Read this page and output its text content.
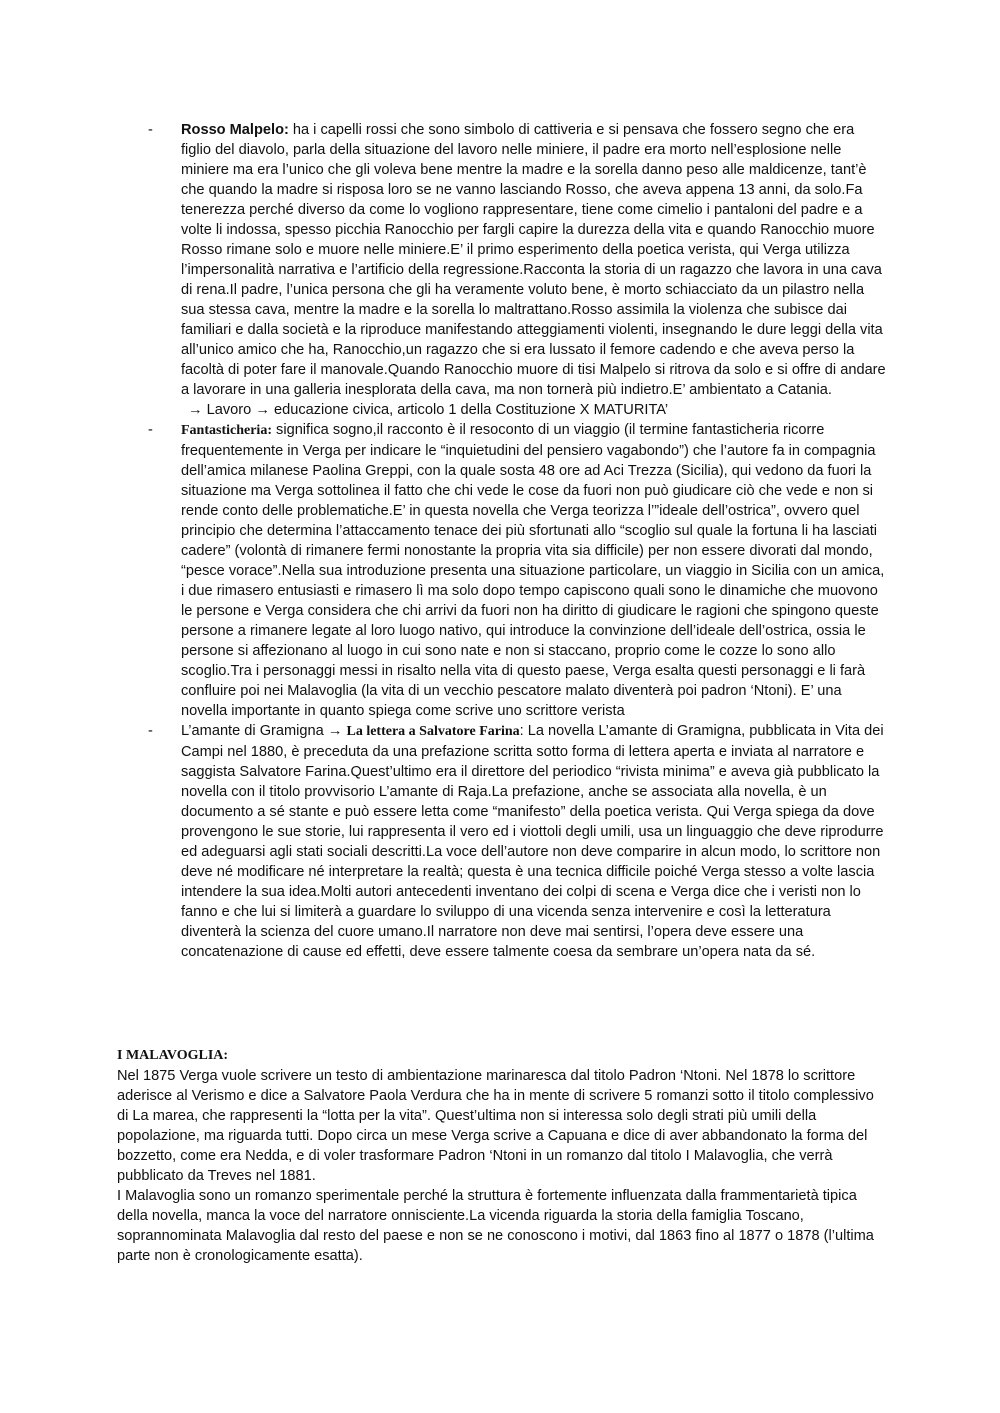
- Rosso Malpelo: ha i capelli rossi che sono simbolo di cattiveria e si pensava che fossero segno che era figlio del diavolo, parla della situazione del lavoro nelle miniere, il padre era morto nell’esplosione nelle miniere ma era l’unico che gli voleva bene mentre la madre e la sorella danno peso alle maldicenze, tant’è che quando la madre si risposa loro se ne vanno lasciando Rosso, che aveva appena 13 anni, da solo.Fa tenerezza perché diverso da come lo vogliono rappresentare, tiene come cimelio i pantaloni del padre e a volte li indossa, spesso picchia Ranocchio per fargli capire la durezza della vita e quando Ranocchio muore Rosso rimane solo e muore nelle miniere.E’ il primo esperimento della poetica verista, qui Verga utilizza l’impersonalità narrativa e l’artificio della regressione.Racconta la storia di un ragazzo che lavora in una cava di rena.Il padre, l’unica persona che gli ha veramente voluto bene, è morto schiacciato da un pilastro nella sua stessa cava, mentre la madre e la sorella lo maltrattano.Rosso assimila la violenza che subisce dai familiari e dalla società e la riproduce manifestando atteggiamenti violenti, insegnando le dure leggi della vita all’unico amico che ha, Ranocchio,un ragazzo che si era lussato il femore cadendo e che aveva perso la facoltà di poter fare il manovale.Quando Ranocchio muore di tisi Malpelo si ritrova da solo e si offre di andare a lavorare in una galleria inesplorata della cava, ma non tornerà più indietro.E’ ambientato a Catania.

→ Lavoro → educazione civica, articolo 1 della Costituzione X MATURITA’

- Fantasticheria: significa sogno,il racconto è il resoconto di un viaggio (il termine fantasticheria ricorre frequentemente in Verga per indicare le “inquietudini del pensiero vagabondo”) che l’autore fa in compagnia dell’amica milanese Paolina Greppi, con la quale sosta 48 ore ad Aci Trezza (Sicilia), qui vedono da fuori la situazione ma Verga sottolinea il fatto che chi vede le cose da fuori non può giudicare ciò che vede e non si rende conto delle problematiche.E’ in questa novella che Verga teorizza l’”ideale dell’ostrica”, ovvero quel principio che determina l’attaccamento tenace dei più sfortunati allo “scoglio sul quale la fortuna li ha lasciati cadere” (volontà di rimanere fermi nonostante la propria vita sia difficile) per non essere divorati dal mondo, “pesce vorace”.Nella sua introduzione presenta una situazione particolare, un viaggio in Sicilia con un amica, i due rimasero entusiasti e rimasero lì ma solo dopo tempo capiscono quali sono le dinamiche che muovono le persone e Verga considera che chi arrivi da fuori non ha diritto di giudicare le ragioni che spingono queste persone a rimanere legate al loro luogo nativo, qui introduce la convinzione dell’ideale dell’ostrica, ossia le persone si affezionano al luogo in cui sono nate e non si staccano, proprio come le cozze lo sono allo scoglio.Tra i personaggi messi in risalto nella vita di questo paese, Verga esalta questi personaggi e li farà confluire poi nei Malavoglia (la vita di un vecchio pescatore malato diventerà poi padron ‘Ntoni). E’ una novella importante in quanto spiega come scrive uno scrittore verista

- L’amante di Gramigna → La lettera a Salvatore Farina: La novella L’amante di Gramigna, pubblicata in Vita dei Campi nel 1880, è preceduta da una prefazione scritta sotto forma di lettera aperta e inviata al narratore e saggista Salvatore Farina.Quest’ultimo era il direttore del periodico “rivista minima” e aveva già pubblicato la novella con il titolo provvisorio L’amante di Raja.La prefazione, anche se associata alla novella, è un documento a sé stante e può essere letta come “manifesto” della poetica verista. Qui Verga spiega da dove provengono le sue storie, lui rappresenta il vero ed i viottoli degli umili, usa un linguaggio che deve riprodurre ed adeguarsi agli stati sociali descritti.La voce dell’autore non deve comparire in alcun modo, lo scrittore non deve né modificare né interpretare la realtà; questa è una tecnica difficile poiché Verga stesso a volte lascia intendere la sua idea.Molti autori antecedenti inventano dei colpi di scena e Verga dice che i veristi non lo fanno e che lui si limiterà a guardare lo sviluppo di una vicenda senza intervenire e così la letteratura diventerà la scienza del cuore umano.Il narratore non deve mai sentirsi, l’opera deve essere una concatenazione di cause ed effetti, deve essere talmente coesa da sembrare un’opera nata da sé.

I MALAVOGLIA:

Nel 1875 Verga vuole scrivere un testo di ambientazione marinaresca dal titolo Padron ‘Ntoni. Nel 1878 lo scrittore aderisce al Verismo e dice a Salvatore Paola Verdura che ha in mente di scrivere 5 romanzi sotto il titolo complessivo di La marea, che rappresenti la “lotta per la vita”. Quest’ultima non si interessa solo degli strati più umili della popolazione, ma riguarda tutti. Dopo circa un mese Verga scrive a Capuana e dice di aver abbandonato la forma del bozzetto, come era Nedda, e di voler trasformare Padron ‘Ntoni in un romanzo dal titolo I Malavoglia, che verrà pubblicato da Treves nel 1881.

I Malavoglia sono un romanzo sperimentale perché la struttura è fortemente influenzata dalla frammentarietà tipica della novella, manca la voce del narratore onnisciente.La vicenda riguarda la storia della famiglia Toscano, soprannominata Malavoglia dal resto del paese e non se ne conoscono i motivi, dal 1863 fino al 1877 o 1878 (l’ultima parte non è cronologicamente esatta).
